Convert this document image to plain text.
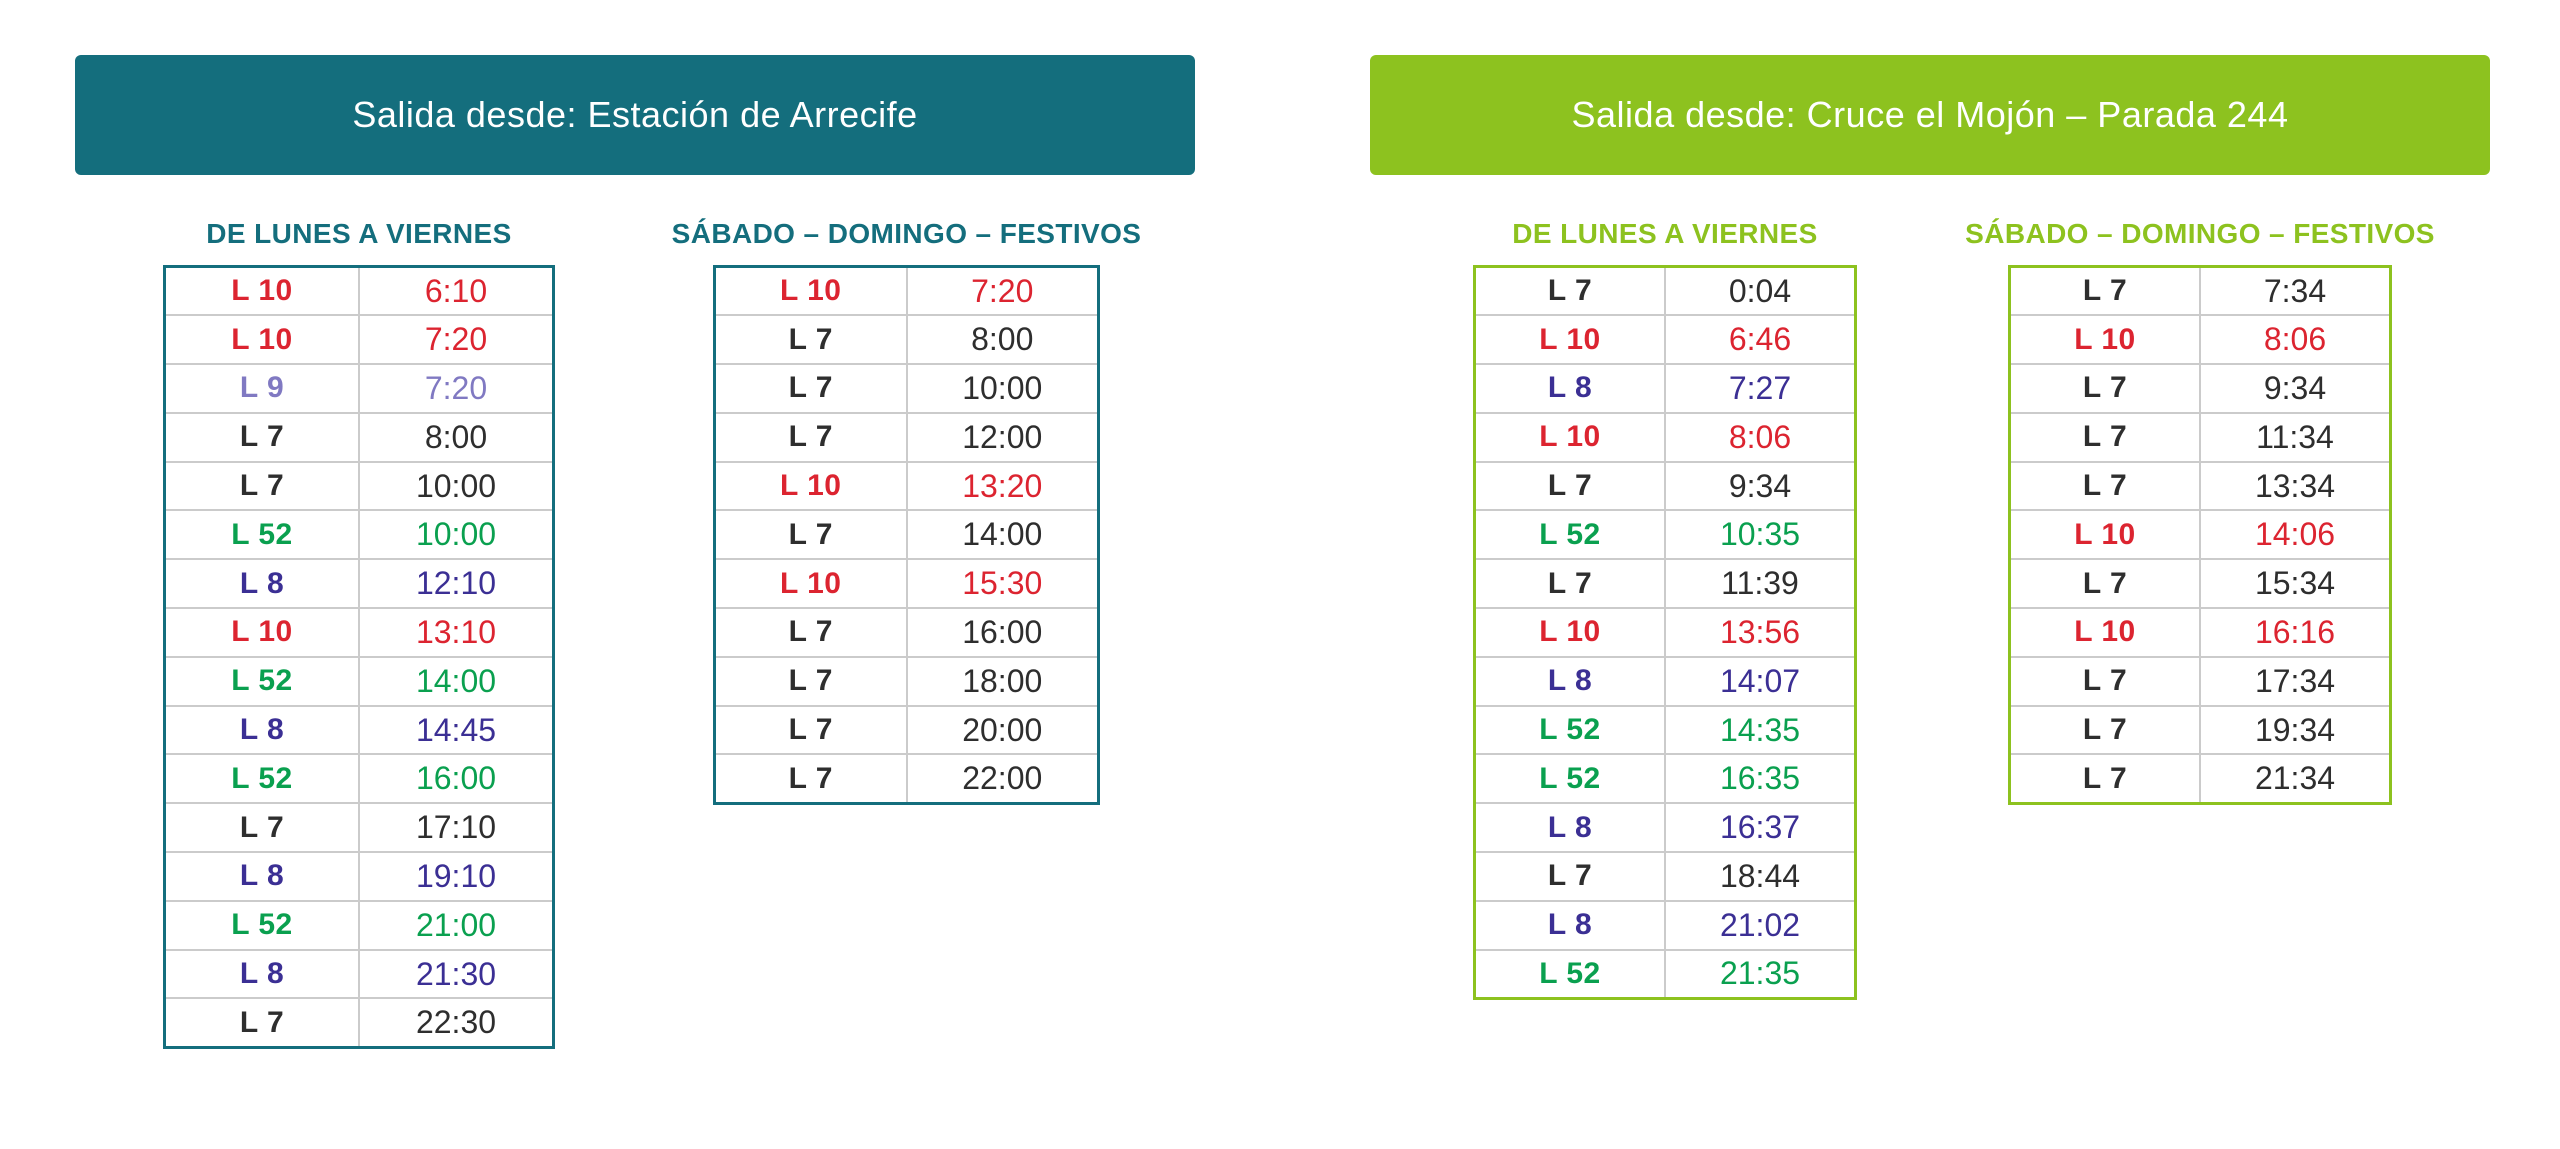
Salida desde: Estación de Arrecife	Salida desde: Cruce el Mojón – Parada 244
DE LUNES A VIERNES
L 10	6:10
L 10	7:20
L 9	7:20
L 7	8:00
L 7	10:00
L 52	10:00
L 8	12:10
L 10	13:10
L 52	14:00
L 8	14:45
L 52	16:00
L 7	17:10
L 8	19:10
L 52	21:00
L 8	21:30
L 7	22:30
SÁBADO – DOMINGO – FESTIVOS
L 10	7:20
L 7	8:00
L 7	10:00
L 7	12:00
L 10	13:20
L 7	14:00
L 10	15:30
L 7	16:00
L 7	18:00
L 7	20:00
L 7	22:00
DE LUNES A VIERNES
L 7	0:04
L 10	6:46
L 8	7:27
L 10	8:06
L 7	9:34
L 52	10:35
L 7	11:39
L 10	13:56
L 8	14:07
L 52	14:35
L 52	16:35
L 8	16:37
L 7	18:44
L 8	21:02
L 52	21:35
SÁBADO – DOMINGO – FESTIVOS
L 7	7:34
L 10	8:06
L 7	9:34
L 7	11:34
L 7	13:34
L 10	14:06
L 7	15:34
L 10	16:16
L 7	17:34
L 7	19:34
L 7	21:34
